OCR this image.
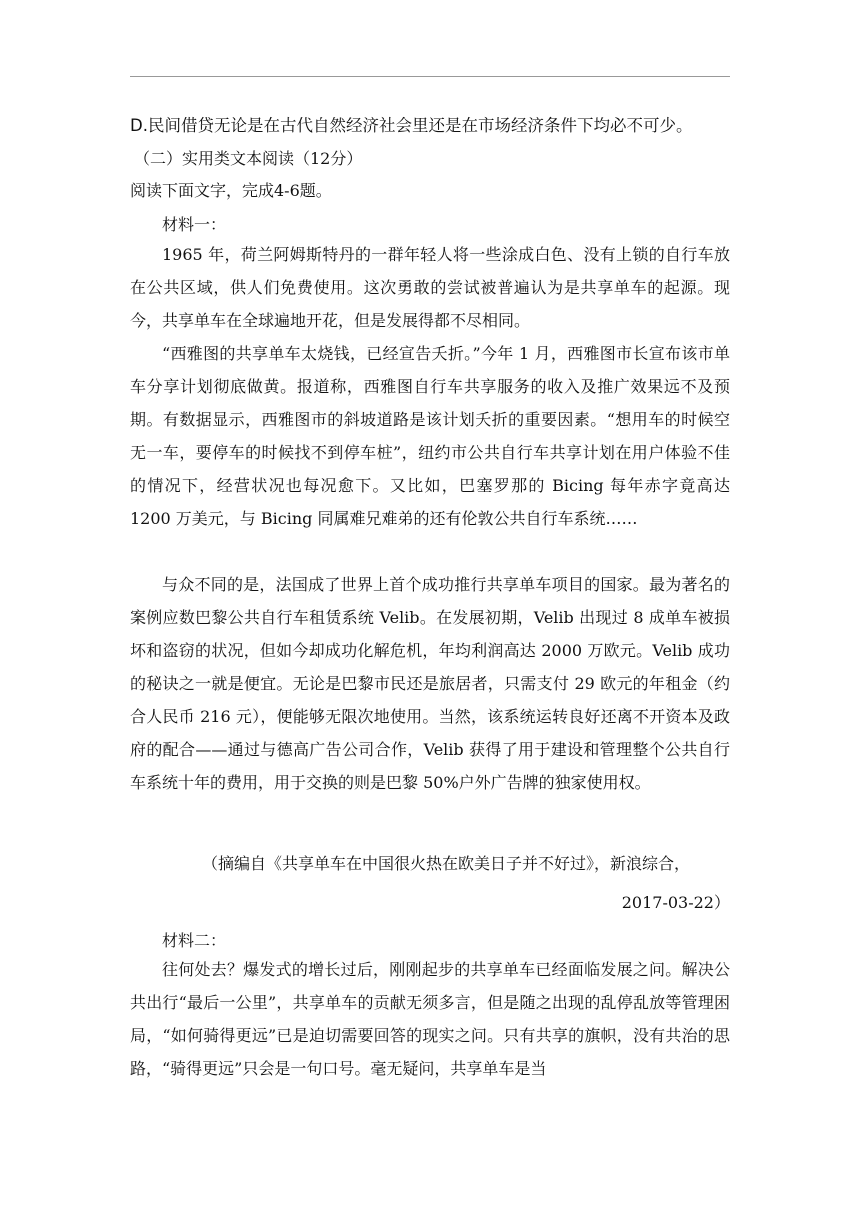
D.民间借贷无论是在古代自然经济社会里还是在市场经济条件下均必不可少。
（二）实用类文本阅读（12分）
阅读下面文字，完成4-6题。
材料一：
1965 年，荷兰阿姆斯特丹的一群年轻人将一些涂成白色、没有上锁的自行车放在公共区域，供人们免费使用。这次勇敢的尝试被普遍认为是共享单车的起源。现今，共享单车在全球遍地开花，但是发展得都不尽相同。
“西雅图的共享单车太烧钱，已经宣告夭折。”今年 1 月，西雅图市长宣布该市单车分享计划彻底做黄。报道称，西雅图自行车共享服务的收入及推广效果远不及预期。有数据显示，西雅图市的斜坡道路是该计划夭折的重要因素。“想用车的时候空无一车，要停车的时候找不到停车桩”，纽约市公共自行车共享计划在用户体验不佳的情况下，经营状况也每况愈下。又比如，巴塞罗那的 Bicing 每年赤字竟高达 1200 万美元，与 Bicing 同属难兄难弟的还有伦敦公共自行车系统……
与众不同的是，法国成了世界上首个成功推行共享单车项目的国家。最为著名的案例应数巴黎公共自行车租赁系统 Velib。在发展初期，Velib 出现过 8 成单车被损坏和盗窃的状况，但如今却成功化解危机，年均利润高达 2000 万欧元。Velib 成功的秘诀之一就是便宜。无论是巴黎市民还是旅居者，只需支付 29 欧元的年租金（约合人民币 216 元），便能够无限次地使用。当然，该系统运转良好还离不开资本及政府的配合——通过与德高广告公司合作，Velib 获得了用于建设和管理整个公共自行车系统十年的费用，用于交换的则是巴黎 50%户外广告牌的独家使用权。
（摘编自《共享单车在中国很火热在欧美日子并不好过》，新浪综合，
2017-03-22）
材料二：
往何处去？爆发式的增长过后，刚刚起步的共享单车已经面临发展之问。解决公共出行“最后一公里”，共享单车的贡献无须多言，但是随之出现的乱停乱放等管理困局，“如何骑得更远”已是迫切需要回答的现实之问。只有共享的旗帜，没有共治的思路，“骑得更远”只会是一句口号。毫无疑问，共享单车是当
